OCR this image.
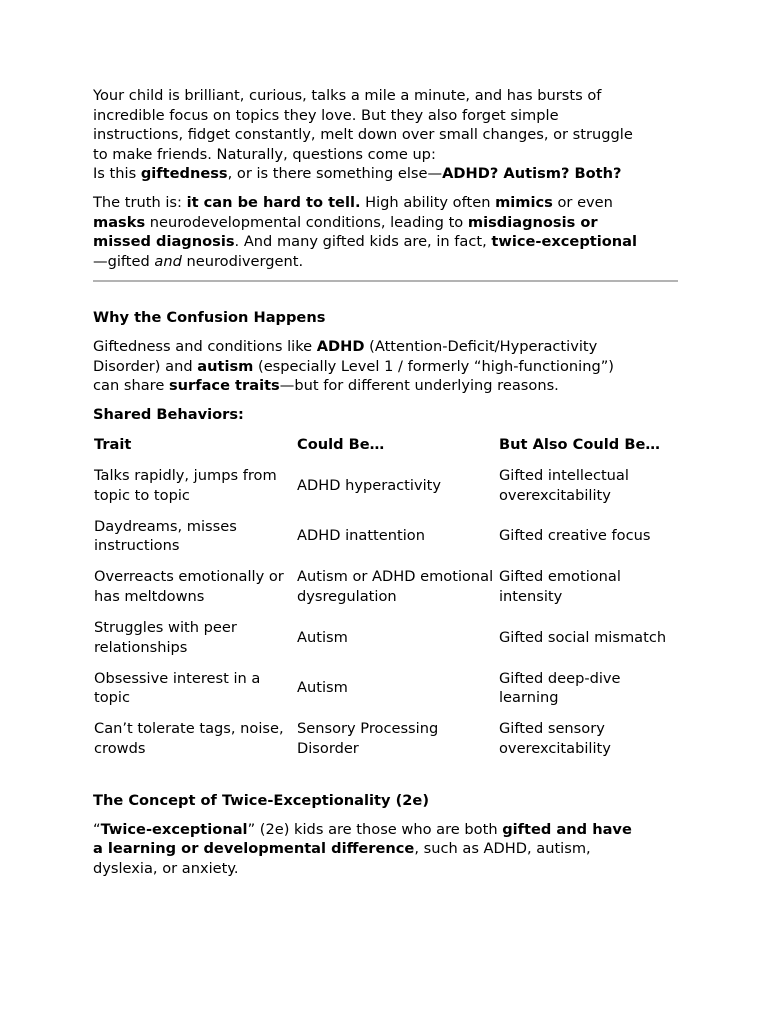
Your child is brilliant, curious, talks a mile a minute, and has bursts of
incredible focus on topics they love. But they also forget simple
instructions, fidget constantly, melt down over small changes, or struggle
to make friends. Naturally, questions come up:
Is this giftedness, or is there something else—ADHD? Autism? Both?

The truth is: it can be hard to tell. High ability often mimics or even
masks neurodevelopmental conditions, leading to misdiagnosis or
missed diagnosis. And many gifted kids are, in fact, twice-exceptional
—gifted and neurodivergent.

Why the Confusion Happens

Giftedness and conditions like ADHD (Attention-Deficit/Hyperactivity
Disorder) and autism (especially Level 1 / formerly “high-functioning”)
can share surface traits—but for different underlying reasons.

Shared Behaviors:

Trait	Could Be…	But Also Could Be…
Talks rapidly, jumps from topic to topic	ADHD hyperactivity	Gifted intellectual overexcitability
Daydreams, misses instructions	ADHD inattention	Gifted creative focus
Overreacts emotionally or has meltdowns	Autism or ADHD emotional dysregulation	Gifted emotional intensity
Struggles with peer relationships	Autism	Gifted social mismatch
Obsessive interest in a topic	Autism	Gifted deep-dive learning
Can’t tolerate tags, noise, crowds	Sensory Processing Disorder	Gifted sensory overexcitability
The Concept of Twice-Exceptionality (2e)

“Twice-exceptional” (2e) kids are those who are both gifted and have
a learning or developmental difference, such as ADHD, autism,
dyslexia, or anxiety.
